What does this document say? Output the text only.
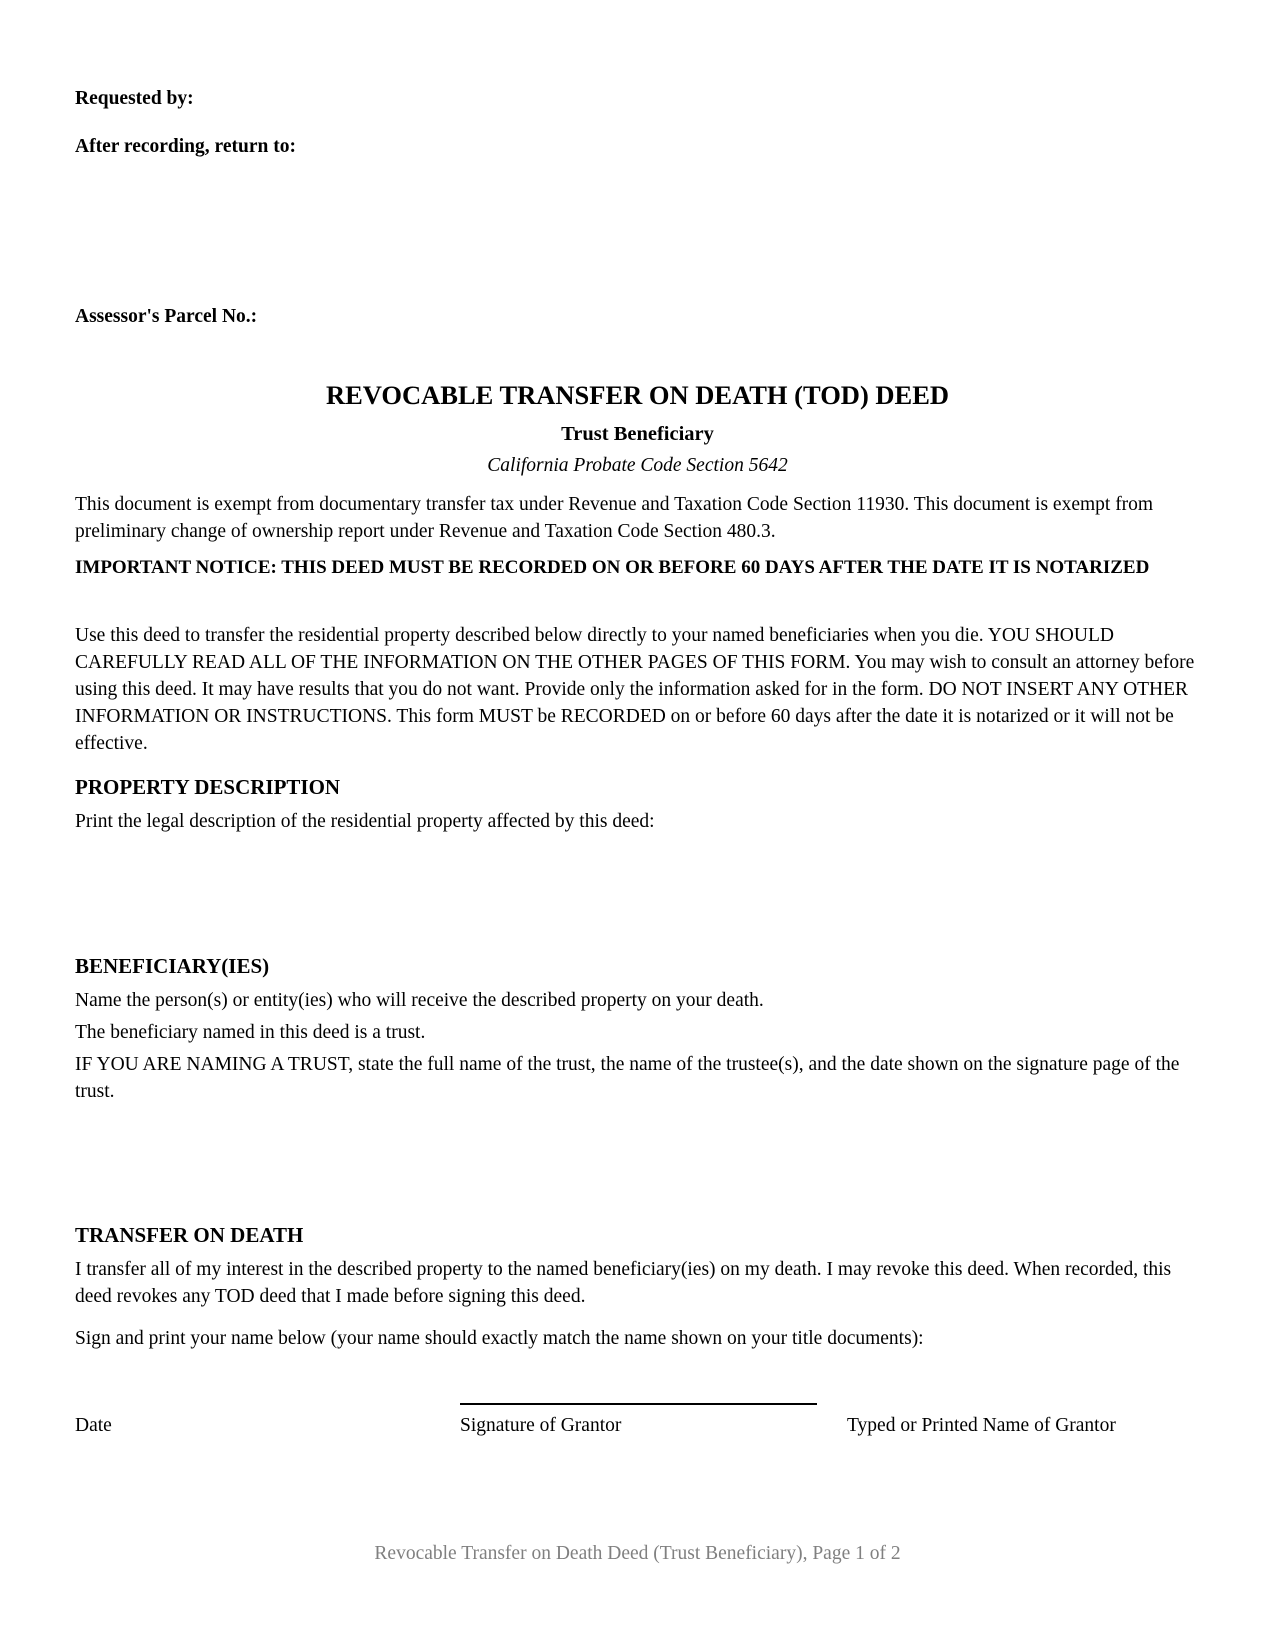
Requested by:
After recording, return to:
Assessor's Parcel No.:
REVOCABLE TRANSFER ON DEATH (TOD) DEED
Trust Beneficiary
California Probate Code Section 5642
This document is exempt from documentary transfer tax under Revenue and Taxation Code Section 11930. This document is exempt from preliminary change of ownership report under Revenue and Taxation Code Section 480.3.
IMPORTANT NOTICE: THIS DEED MUST BE RECORDED ON OR BEFORE 60 DAYS AFTER THE DATE IT IS NOTARIZED
Use this deed to transfer the residential property described below directly to your named beneficiaries when you die. YOU SHOULD CAREFULLY READ ALL OF THE INFORMATION ON THE OTHER PAGES OF THIS FORM. You may wish to consult an attorney before using this deed. It may have results that you do not want. Provide only the information asked for in the form. DO NOT INSERT ANY OTHER INFORMATION OR INSTRUCTIONS. This form MUST be RECORDED on or before 60 days after the date it is notarized or it will not be effective.
PROPERTY DESCRIPTION
Print the legal description of the residential property affected by this deed:
BENEFICIARY(IES)
Name the person(s) or entity(ies) who will receive the described property on your death.
The beneficiary named in this deed is a trust.
IF YOU ARE NAMING A TRUST, state the full name of the trust, the name of the trustee(s), and the date shown on the signature page of the trust.
TRANSFER ON DEATH
I transfer all of my interest in the described property to the named beneficiary(ies) on my death. I may revoke this deed. When recorded, this deed revokes any TOD deed that I made before signing this deed.
Sign and print your name below (your name should exactly match the name shown on your title documents):
Date	Signature of Grantor	Typed or Printed Name of Grantor
Revocable Transfer on Death Deed (Trust Beneficiary), Page 1 of 2
